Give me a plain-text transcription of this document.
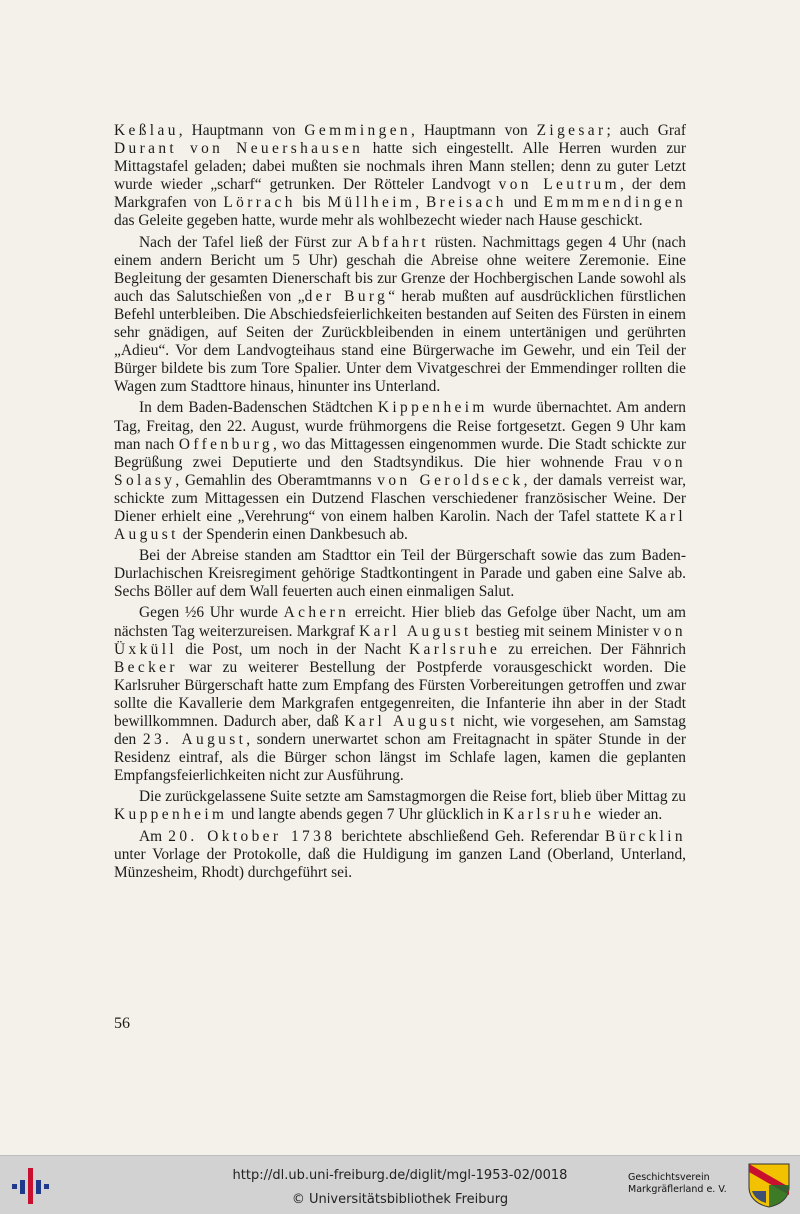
Keßlau, Hauptmann von Gemmingen, Hauptmann von Zigesar; auch Graf Durant von Neuershausen hatte sich eingestellt. Alle Herren wurden zur Mittagstafel geladen; dabei mußten sie nochmals ihren Mann stellen; denn zu guter Letzt wurde wieder „scharf“ getrunken. Der Rötteler Landvogt von Leutrum, der dem Markgrafen von Lörrach bis Müllheim, Breisach und Emmmendingen das Geleite gegeben hatte, wurde mehr als wohlbezecht wieder nach Hause geschickt.

Nach der Tafel ließ der Fürst zur Abfahrt rüsten. Nachmittags gegen 4 Uhr (nach einem andern Bericht um 5 Uhr) geschah die Abreise ohne weitere Zeremonie. Eine Begleitung der gesamten Dienerschaft bis zur Grenze der Hochbergischen Lande sowohl als auch das Salutschießen von „der Burg“ herab mußten auf ausdrücklichen fürstlichen Befehl unterbleiben. Die Abschiedsfeierlichkeiten bestanden auf Seiten des Fürsten in einem sehr gnädigen, auf Seiten der Zurückbleibenden in einem untertänigen und gerührten „Adieu“. Vor dem Landvogteihaus stand eine Bürgerwache im Gewehr, und ein Teil der Bürger bildete bis zum Tore Spalier. Unter dem Vivatgeschrei der Emmendinger rollten die Wagen zum Stadttore hinaus, hinunter ins Unterland.

In dem Baden-Badenschen Städtchen Kippenheim wurde übernachtet. Am andern Tag, Freitag, den 22. August, wurde frühmorgens die Reise fortgesetzt. Gegen 9 Uhr kam man nach Offenburg, wo das Mittagessen eingenommen wurde. Die Stadt schickte zur Begrüßung zwei Deputierte und den Stadtsyndikus. Die hier wohnende Frau von Solasy, Gemahlin des Oberamtmanns von Geroldseck, der damals verreist war, schickte zum Mittagessen ein Dutzend Flaschen verschiedener französischer Weine. Der Diener erhielt eine „Verehrung“ von einem halben Karolin. Nach der Tafel stattete Karl August der Spenderin einen Dankbesuch ab.

Bei der Abreise standen am Stadttor ein Teil der Bürgerschaft sowie das zum Baden-Durlachischen Kreisregiment gehörige Stadtkontingent in Parade und gaben eine Salve ab. Sechs Böller auf dem Wall feuerten auch einen einmaligen Salut.

Gegen ½6 Uhr wurde Achern erreicht. Hier blieb das Gefolge über Nacht, um am nächsten Tag weiterzureisen. Markgraf Karl August bestieg mit seinem Minister von Üxküll die Post, um noch in der Nacht Karlsruhe zu erreichen. Der Fähnrich Becker war zu weiterer Bestellung der Postpferde vorausgeschickt worden. Die Karlsruher Bürgerschaft hatte zum Empfang des Fürsten Vorbereitungen getroffen und zwar sollte die Kavallerie dem Markgrafen entgegenreiten, die Infanterie ihn aber in der Stadt bewillkommnen. Dadurch aber, daß Karl August nicht, wie vorgesehen, am Samstag den 23. August, sondern unerwartet schon am Freitagnacht in später Stunde in der Residenz eintraf, als die Bürger schon längst im Schlafe lagen, kamen die geplanten Empfangsfeierlichkeiten nicht zur Ausführung.

Die zurückgelassene Suite setzte am Samstagmorgen die Reise fort, blieb über Mittag zu Kuppenheim und langte abends gegen 7 Uhr glücklich in Karlsruhe wieder an.

Am 20. Oktober 1738 berichtete abschließend Geh. Referendar Bürcklin unter Vorlage der Protokolle, daß die Huldigung im ganzen Land (Oberland, Unterland, Münzesheim, Rhodt) durchgeführt sei.

56
http://dl.ub.uni-freiburg.de/diglit/mgl-1953-02/0018
© Universitätsbibliothek Freiburg
Geschichtsverein
Markgräflerland e. V.
